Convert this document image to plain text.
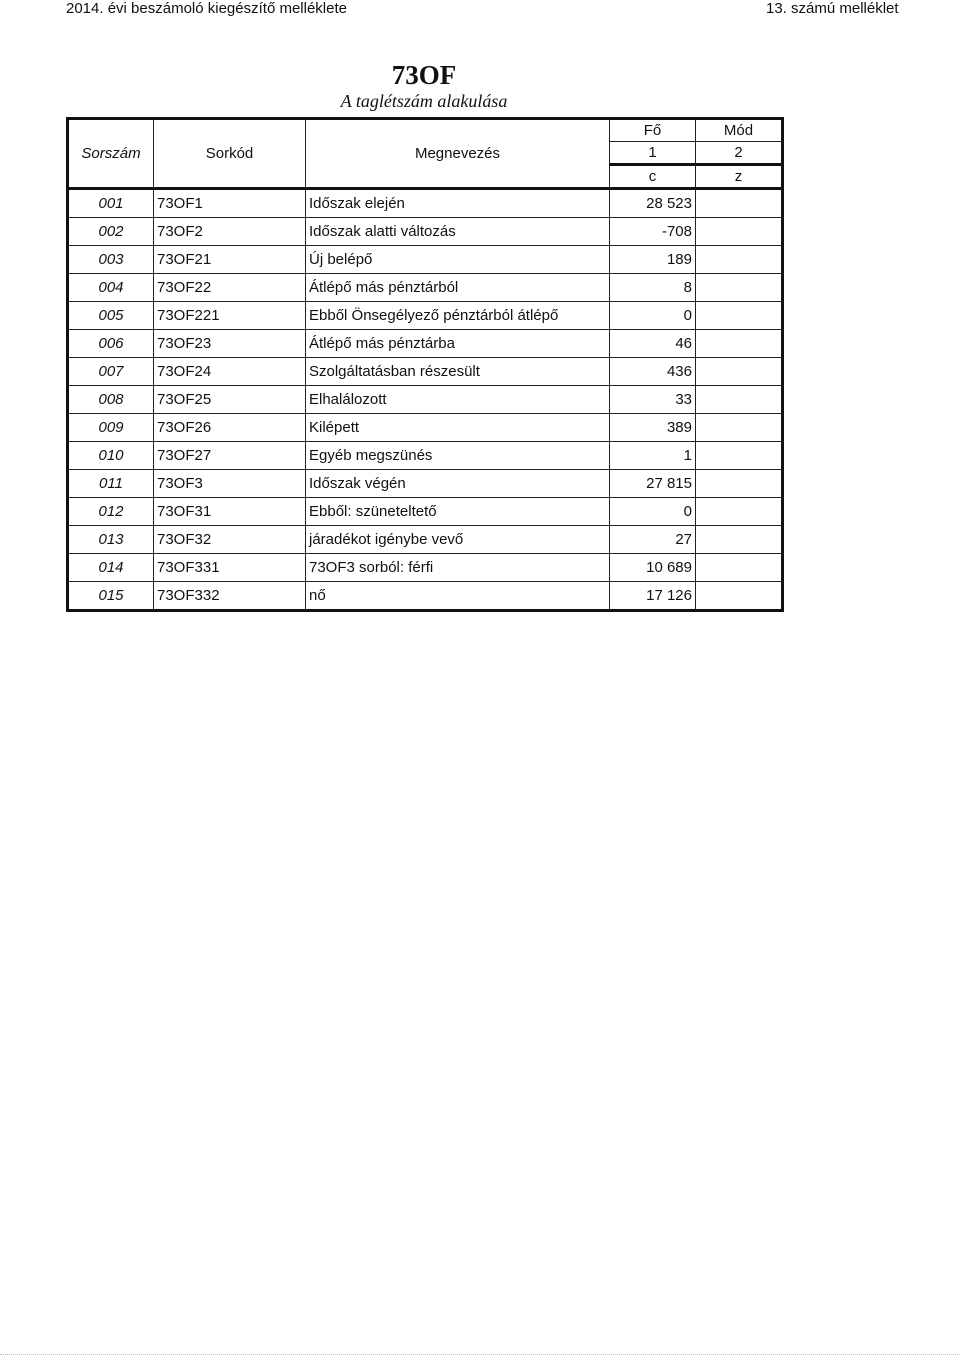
2014. évi beszámoló kiegészítő melléklete	13. számú melléklet
73OF
A taglétszám alakulása
Sorszám	Sorkód	Megnevezés	Fő	Mód
			1	2
			c	z
001	73OF1	Időszak elején	28 523	
002	73OF2	Időszak alatti változás	-708	
003	73OF21	Új belépő	189	
004	73OF22	Átlépő más pénztárból	8	
005	73OF221	Ebből Önsegélyező pénztárból átlépő	0	
006	73OF23	Átlépő más pénztárba	46	
007	73OF24	Szolgáltatásban részesült	436	
008	73OF25	Elhalálozott	33	
009	73OF26	Kilépett	389	
010	73OF27	Egyéb megszünés	1	
011	73OF3	Időszak végén	27 815	
012	73OF31	Ebből: szüneteltető	0	
013	73OF32	járadékot igénybe vevő	27	
014	73OF331	73OF3 sorból: férfi	10 689	
015	73OF332	nő	17 126	
